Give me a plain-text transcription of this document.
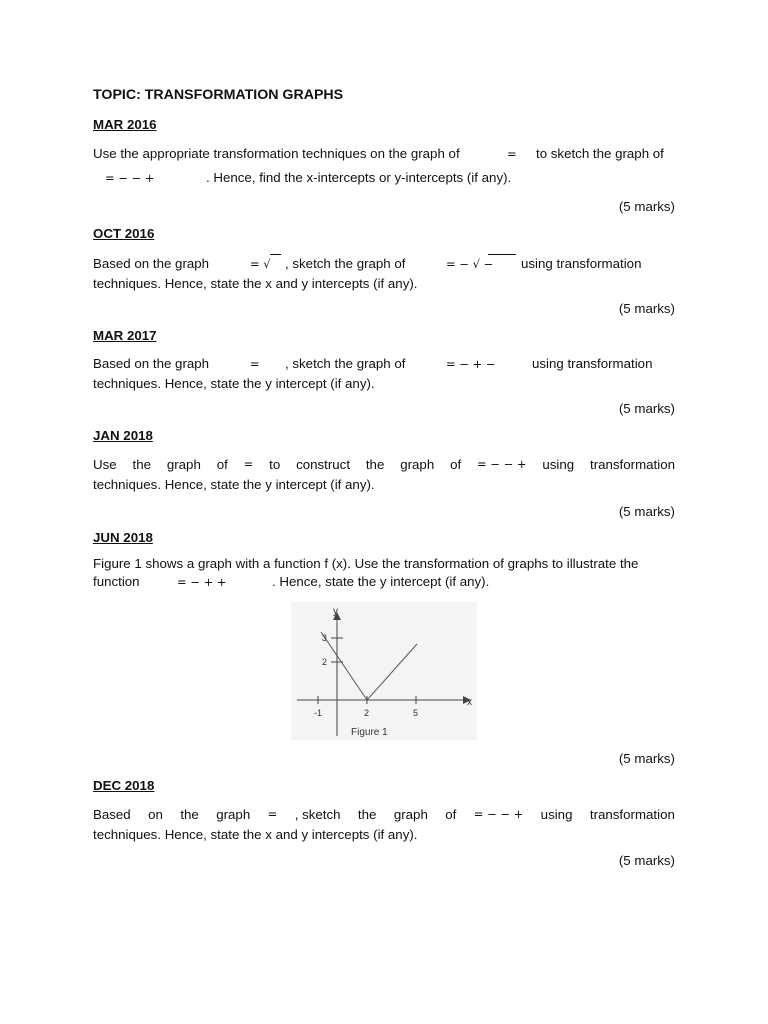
TOPIC: TRANSFORMATION GRAPHS
MAR 2016
Use the appropriate transformation techniques on the graph of	= to sketch the graph of
= − − +	. Hence, find the x-intercepts or y-intercepts (if any).
(5 marks)
OCT 2016
Based on the graph	= √ , sketch the graph of	= − √ − using transformation
techniques. Hence, state the x and y intercepts (if any).
(5 marks)
MAR 2017
Based on the graph	= , sketch the graph of	= − + −	using transformation
techniques. Hence, state the y intercept (if any).
(5 marks)
JAN 2018
Use the graph of = to construct the graph of = − − + using transformation
techniques. Hence, state the y intercept (if any).
(5 marks)
JUN 2018
Figure 1 shows a graph with a function f (x). Use the transformation of graphs to illustrate the
function	= − + +	. Hence, state the y intercept (if any).
y
x
-1	2	5
3
2
Figure 1
(5 marks)
DEC 2018
Based on the graph = , sketch the graph of = − − + using transformation
techniques. Hence, state the x and y intercepts (if any).
(5 marks)
